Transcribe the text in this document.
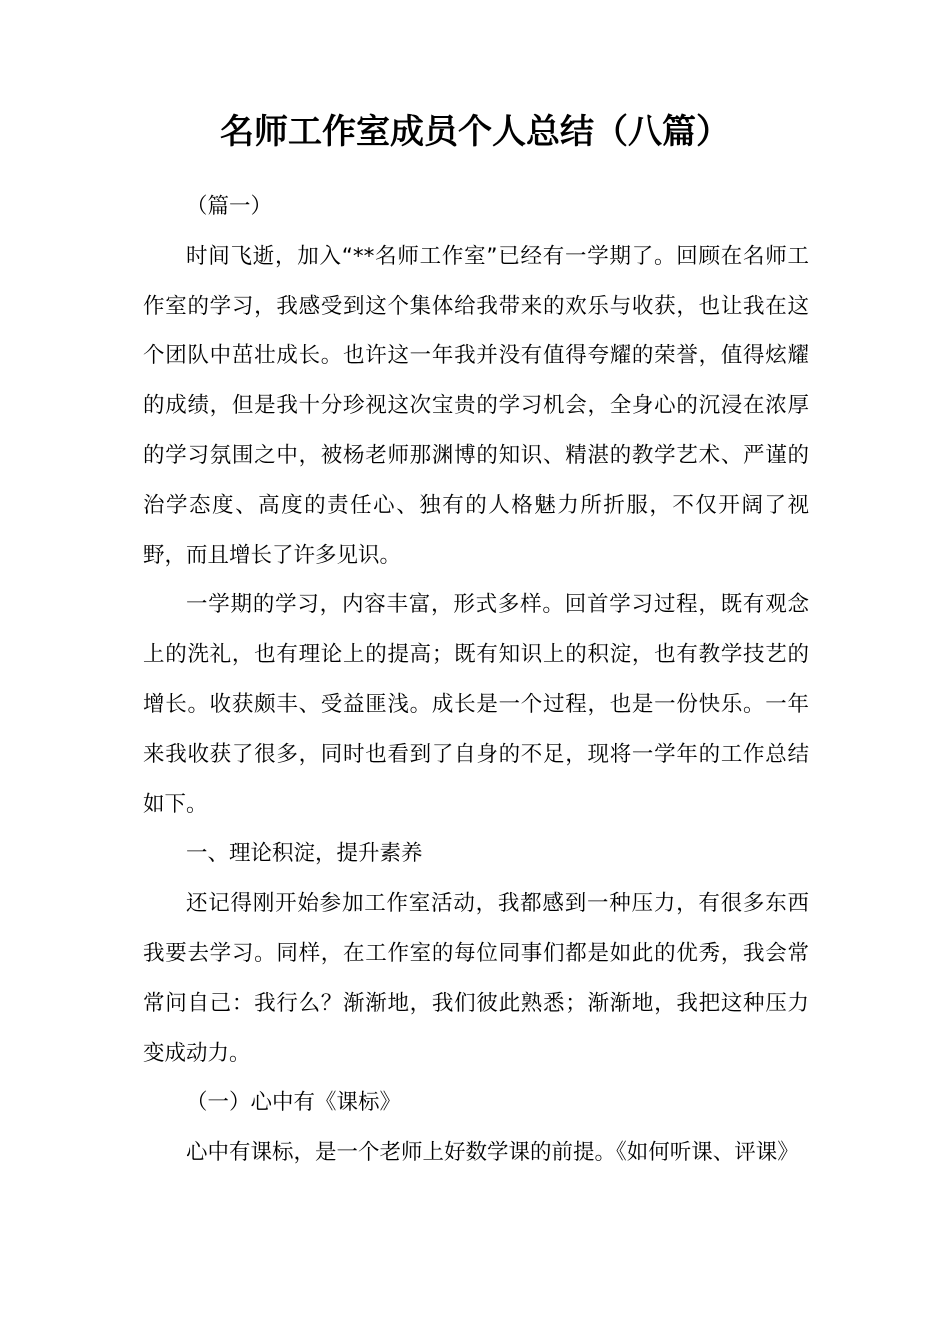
名师工作室成员个人总结（八篇）

（篇一）

时间飞逝，加入“**名师工作室”已经有一学期了。回顾在名师工作室的学习，我感受到这个集体给我带来的欢乐与收获，也让我在这个团队中茁壮成长。也许这一年我并没有值得夸耀的荣誉，值得炫耀的成绩，但是我十分珍视这次宝贵的学习机会，全身心的沉浸在浓厚的学习氛围之中，被杨老师那渊博的知识、精湛的教学艺术、严谨的治学态度、高度的责任心、独有的人格魅力所折服，不仅开阔了视野，而且增长了许多见识。

一学期的学习，内容丰富，形式多样。回首学习过程，既有观念上的洗礼，也有理论上的提高；既有知识上的积淀，也有教学技艺的增长。收获颇丰、受益匪浅。成长是一个过程，也是一份快乐。一年来我收获了很多，同时也看到了自身的不足，现将一学年的工作总结如下。

一、理论积淀，提升素养

还记得刚开始参加工作室活动，我都感到一种压力，有很多东西我要去学习。同样，在工作室的每位同事们都是如此的优秀，我会常常问自己：我行么？渐渐地，我们彼此熟悉；渐渐地，我把这种压力变成动力。

（一）心中有《课标》

心中有课标，是一个老师上好数学课的前提。《如何听课、评课》
